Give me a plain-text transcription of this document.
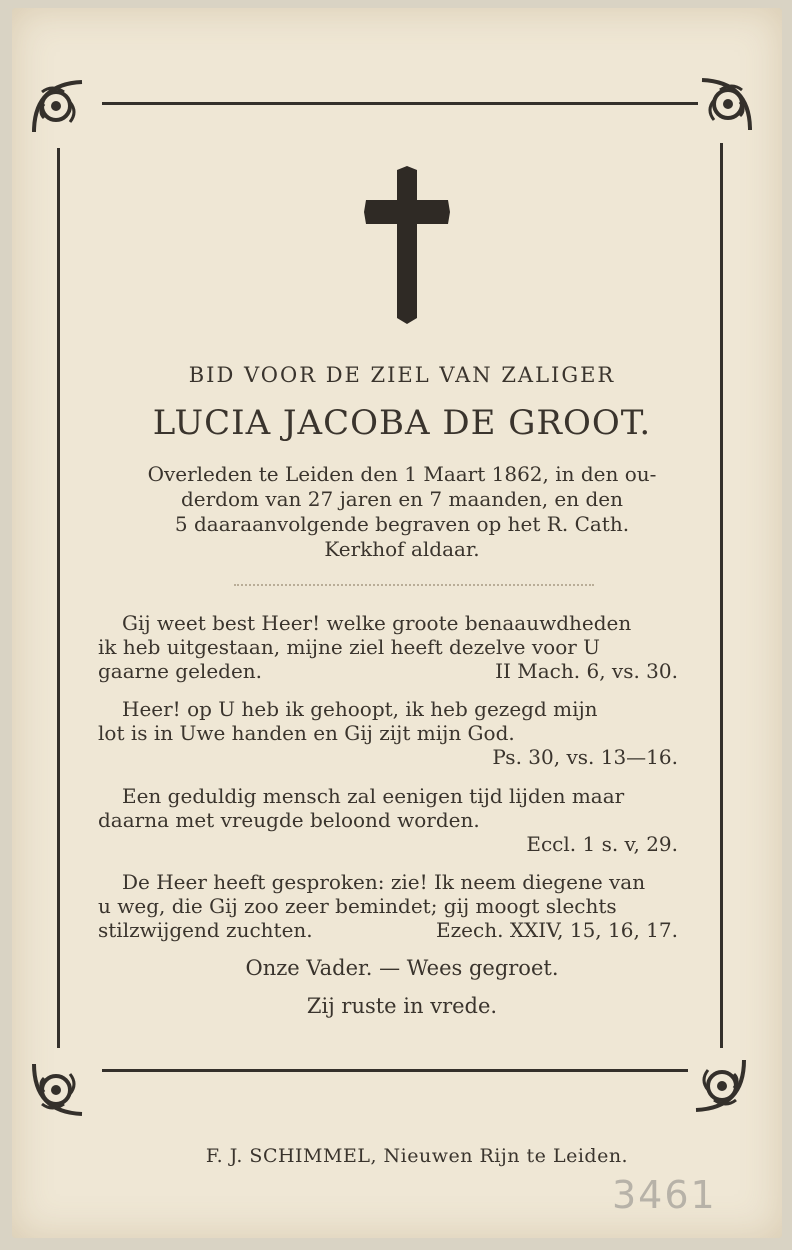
BID VOOR DE ZIEL VAN ZALIGER
LUCIA JACOBA DE GROOT.
Overleden te Leiden den 1 Maart 1862, in den ou-
derdom van 27 jaren en 7 maanden, en den
5 daaraanvolgende begraven op het R. Cath.
Kerkhof aldaar.

Gij weet best Heer! welke groote benaauwdheden

ik heb uitgestaan, mijne ziel heeft dezelve voor U

gaarne geleden.	II Mach. 6, vs. 30.

Heer! op U heb ik gehoopt, ik heb gezegd mijn

lot is in Uwe handen en Gij zijt mijn God.

Ps. 30, vs. 13—16.

Een geduldig mensch zal eenigen tijd lijden maar

daarna met vreugde beloond worden.

Eccl. 1 s. v, 29.

De Heer heeft gesproken: zie! Ik neem diegene van

u weg, die Gij zoo zeer bemindet; gij moogt slechts

stilzwijgend zuchten.	Ezech. XXIV, 15, 16, 17.

Onze Vader. — Wees gegroet.
Zij ruste in vrede.
F. J. SCHIMMEL, Nieuwen Rijn te Leiden.
3461
